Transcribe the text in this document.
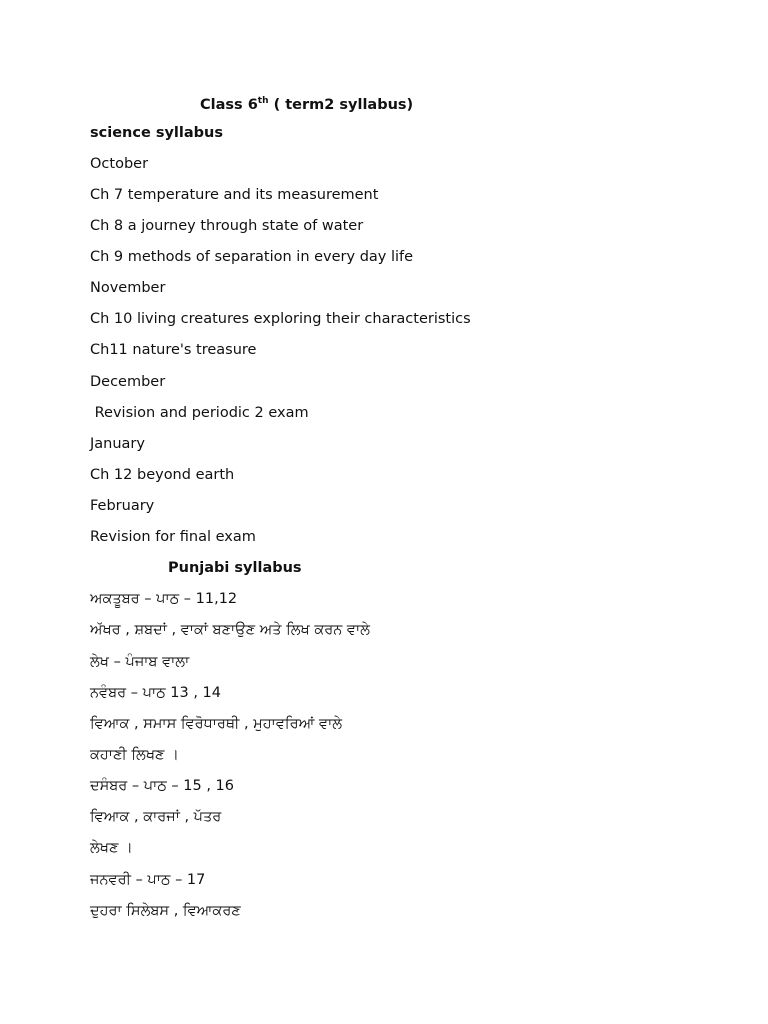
Class 6th ( term2 syllabus)
science syllabus
October
Ch 7 temperature and its measurement
Ch 8 a journey through state of water
Ch 9 methods of separation in every day life
November
Ch 10 living creatures exploring their characteristics
Ch11 nature's treasure
December
Revision and periodic 2 exam
January
Ch 12 beyond earth
February
Revision for final exam
Punjabi syllabus
ਅਕਤੂਬਰ – ਪਾਠ – 11,12
ਅੱਖਰ , ਸ਼ਬਦਾਂ , ਵਾਕਾਂ ਬਣਾਉਣ ਅਤੇ ਲਿਖ ਕਰਨ ਵਾਲੇ
ਲੇਖ – ਪੰਜਾਬ ਵਾਲਾ
ਨਵੰਬਰ – ਪਾਠ 13 , 14
ਵਿਆਕ , ਸਮਾਸ ਵਿਰੋਧਾਰਥੀ , ਮੁਹਾਵਰਿਆਂ ਵਾਲੇ
ਕਹਾਣੀ ਲਿਖਣ ।
ਦਸੰਬਰ – ਪਾਠ – 15 , 16
ਵਿਆਕ , ਕਾਰਜਾਂ , ਪੱਤਰ
ਲੇਖਣ ।
ਜਨਵਰੀ – ਪਾਠ – 17
ਦੁਹਰਾ ਸਿਲੇਬਸ , ਵਿਆਕਰਣ
